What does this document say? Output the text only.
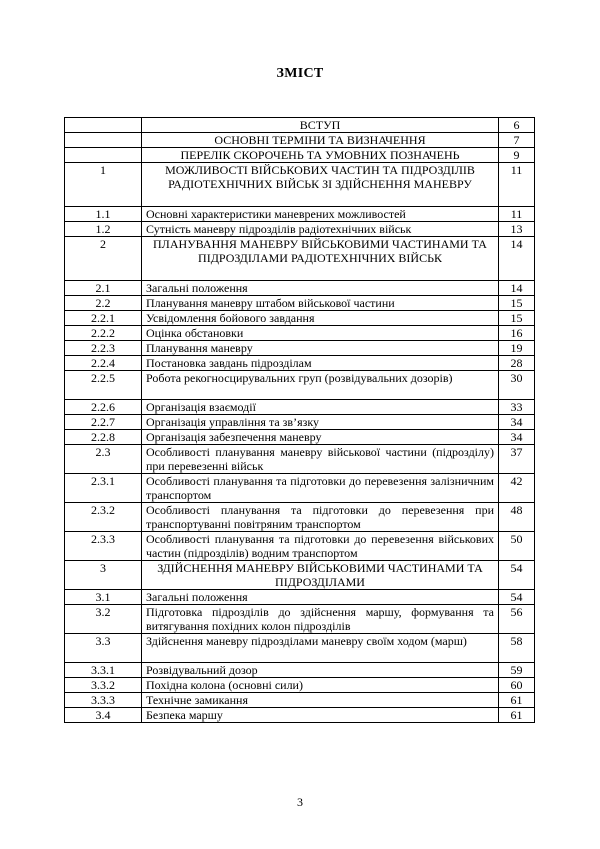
ЗМІСТ
	ВСТУП	6
	ОСНОВНІ ТЕРМІНИ ТА ВИЗНАЧЕННЯ	7
	ПЕРЕЛІК СКОРОЧЕНЬ ТА УМОВНИХ ПОЗНАЧЕНЬ	9
1	МОЖЛИВОСТІ ВІЙСЬКОВИХ ЧАСТИН ТА ПІДРОЗДІЛІВ РАДІОТЕХНІЧНИХ ВІЙСЬК ЗІ ЗДІЙСНЕННЯ МАНЕВРУ	11
1.1	Основні характеристики маневрених можливостей	11
1.2	Сутність маневру підрозділів радіотехнічних військ	13
2	ПЛАНУВАННЯ МАНЕВРУ ВІЙСЬКОВИМИ ЧАСТИНАМИ ТА ПІДРОЗДІЛАМИ РАДІОТЕХНІЧНИХ ВІЙСЬК	14
2.1	Загальні положення	14
2.2	Планування маневру штабом військової частини	15
2.2.1	Усвідомлення бойового завдання	15
2.2.2	Оцінка обстановки	16
2.2.3	Планування маневру	19
2.2.4	Постановка завдань підрозділам	28
2.2.5	Робота рекогносцирувальних груп (розвідувальних дозорів)	30
2.2.6	Організація взаємодії	33
2.2.7	Організація управління та зв’язку	34
2.2.8	Організація забезпечення маневру	34
2.3	Особливості планування маневру військової частини (підрозділу) при перевезенні військ	37
2.3.1	Особливості планування та підготовки до перевезення залізничним транспортом	42
2.3.2	Особливості планування та підготовки до перевезення при транспортуванні повітряним транспортом	48
2.3.3	Особливості планування та підготовки до перевезення військових частин (підрозділів) водним транспортом	50
3	ЗДІЙСНЕННЯ МАНЕВРУ ВІЙСЬКОВИМИ ЧАСТИНАМИ ТА ПІДРОЗДІЛАМИ	54
3.1	Загальні положення	54
3.2	Підготовка підрозділів до здійснення маршу, формування та витягування похідних колон підрозділів	56
3.3	Здійснення маневру підрозділами маневру своїм ходом (марш)	58
3.3.1	Розвідувальний дозор	59
3.3.2	Похідна колона (основні сили)	60
3.3.3	Технічне замикання	61
3.4	Безпека маршу	61
3
